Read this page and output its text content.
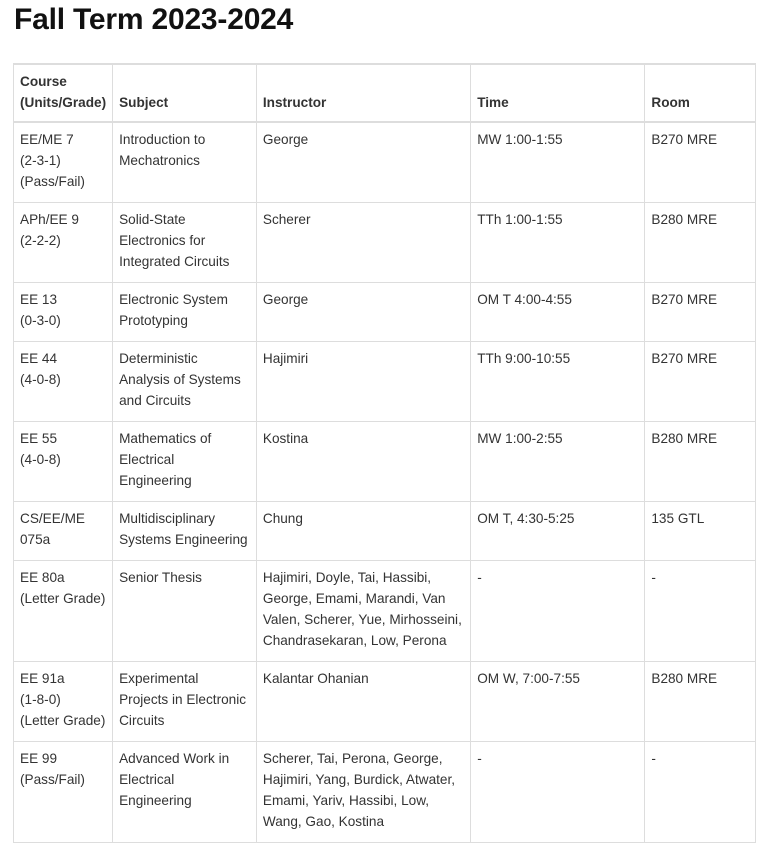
Fall Term 2023-2024
Course
(Units/Grade)	Subject	Instructor	Time	Room

EE/ME 7
(2-3-1)
(Pass/Fail)	Introduction to Mechatronics	George	MW 1:00-1:55	B270 MRE

APh/EE 9
(2-2-2)	Solid-State Electronics for Integrated Circuits	Scherer	TTh 1:00-1:55	B280 MRE

EE 13
(0-3-0)	Electronic System Prototyping	George	OM T 4:00-4:55	B270 MRE

EE 44
(4-0-8)	Deterministic Analysis of Systems and Circuits	Hajimiri	TTh 9:00-10:55	B270 MRE

EE 55
(4-0-8)	Mathematics of Electrical Engineering	Kostina	MW 1:00-2:55	B280 MRE

CS/EE/ME 075a	Multidisciplinary Systems Engineering	Chung	OM T, 4:30-5:25	135 GTL

EE 80a
(Letter Grade)	Senior Thesis	Hajimiri, Doyle, Tai, Hassibi, George, Emami, Marandi, Van Valen, Scherer, Yue, Mirhosseini, Chandrasekaran, Low, Perona	-	-

EE 91a
(1-8-0)
(Letter Grade)	Experimental Projects in Electronic Circuits	Kalantar Ohanian	OM W, 7:00-7:55	B280 MRE

EE 99
(Pass/Fail)	Advanced Work in Electrical Engineering	Scherer, Tai, Perona, George, Hajimiri, Yang, Burdick, Atwater, Emami, Yariv, Hassibi, Low, Wang, Gao, Kostina	-	-
